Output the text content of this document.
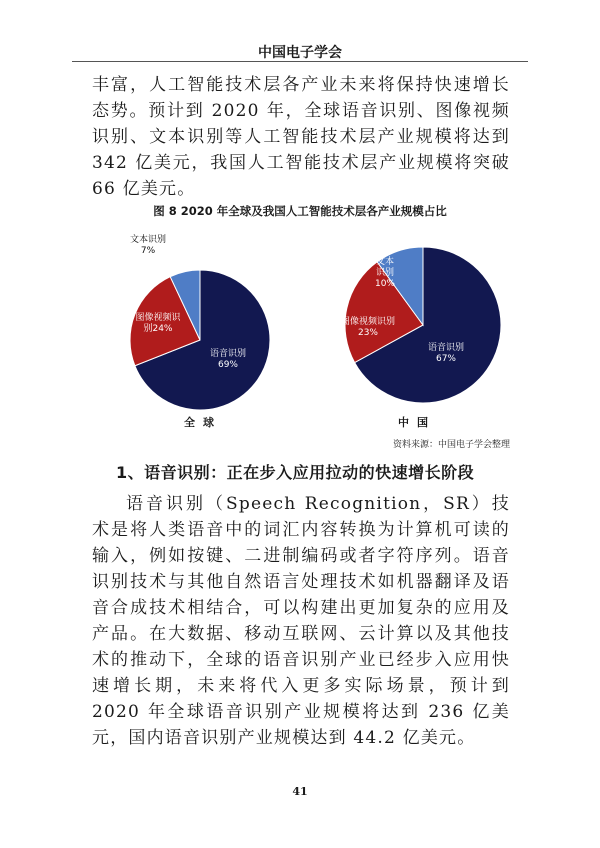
中国电子学会

丰富，人工智能技术层各产业未来将保持快速增长态势。预计到 2020 年，全球语音识别、图像视频识别、文本识别等人工智能技术层产业规模将达到 342 亿美元，我国人工智能技术层产业规模将突破 66 亿美元。

图 8 2020 年全球及我国人工智能技术层各产业规模占比
语音识别 69%
图像视频识别24%
文本识别 7%
语音识别 67%
图像视频识别 23%
文本识别 10%
全球	中国
资料来源：中国电子学会整理
1、语音识别：正在步入应用拉动的快速增长阶段

语音识别（Speech Recognition，SR）技术是将人类语音中的词汇内容转换为计算机可读的输入，例如按键、二进制编码或者字符序列。语音识别技术与其他自然语言处理技术如机器翻译及语音合成技术相结合，可以构建出更加复杂的应用及产品。在大数据、移动互联网、云计算以及其他技术的推动下，全球的语音识别产业已经步入应用快速增长期，未来将代入更多实际场景，预计到 2020 年全球语音识别产业规模将达到 236 亿美元，国内语音识别产业规模达到 44.2 亿美元。

41
